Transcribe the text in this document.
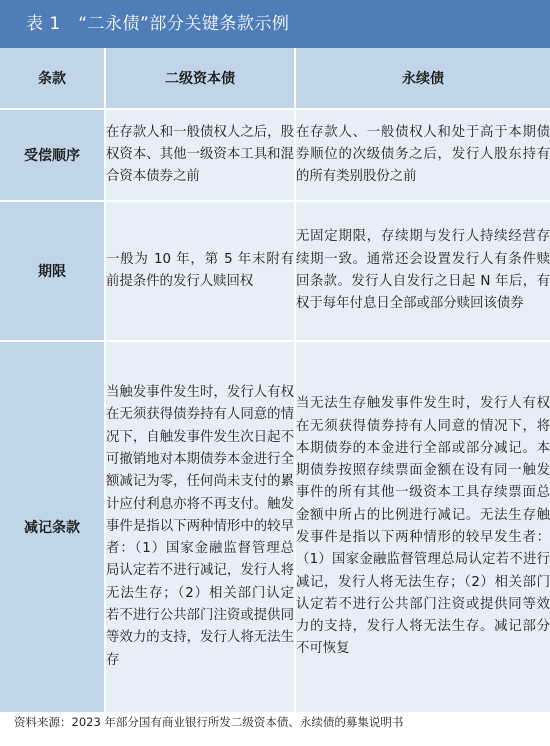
表 1　“二永债”部分关键条款示例
条款	二级资本债	永续债
受偿顺序	在存款人和一般债权人之后，股权资本、其他一级资本工具和混合资本债券之前	在存款人、一般债权人和处于高于本期债券顺位的次级债务之后，发行人股东持有的所有类别股份之前
期限	一般为 10 年，第 5 年末附有前提条件的发行人赎回权	无固定期限，存续期与发行人持续经营存续期一致。通常还会设置发行人有条件赎回条款。发行人自发行之日起 N 年后，有权于每年付息日全部或部分赎回该债券
减记条款	当触发事件发生时，发行人有权在无须获得债券持有人同意的情况下，自触发事件发生次日起不可撤销地对本期债券本金进行全额减记为零，任何尚未支付的累计应付利息亦将不再支付。触发事件是指以下两种情形中的较早者：（1）国家金融监督管理总局认定若不进行减记，发行人将无法生存；（2）相关部门认定若不进行公共部门注资或提供同等效力的支持，发行人将无法生存	当无法生存触发事件发生时，发行人有权在无须获得债券持有人同意的情况下，将本期债券的本金进行全部或部分减记。本期债券按照存续票面金额在设有同一触发事件的所有其他一级资本工具存续票面总金额中所占的比例进行减记。无法生存触发事件是指以下两种情形的较早发生者：（1）国家金融监督管理总局认定若不进行减记，发行人将无法生存；（2）相关部门认定若不进行公共部门注资或提供同等效力的支持，发行人将无法生存。减记部分不可恢复
资料来源：2023 年部分国有商业银行所发二级资本债、永续债的募集说明书
